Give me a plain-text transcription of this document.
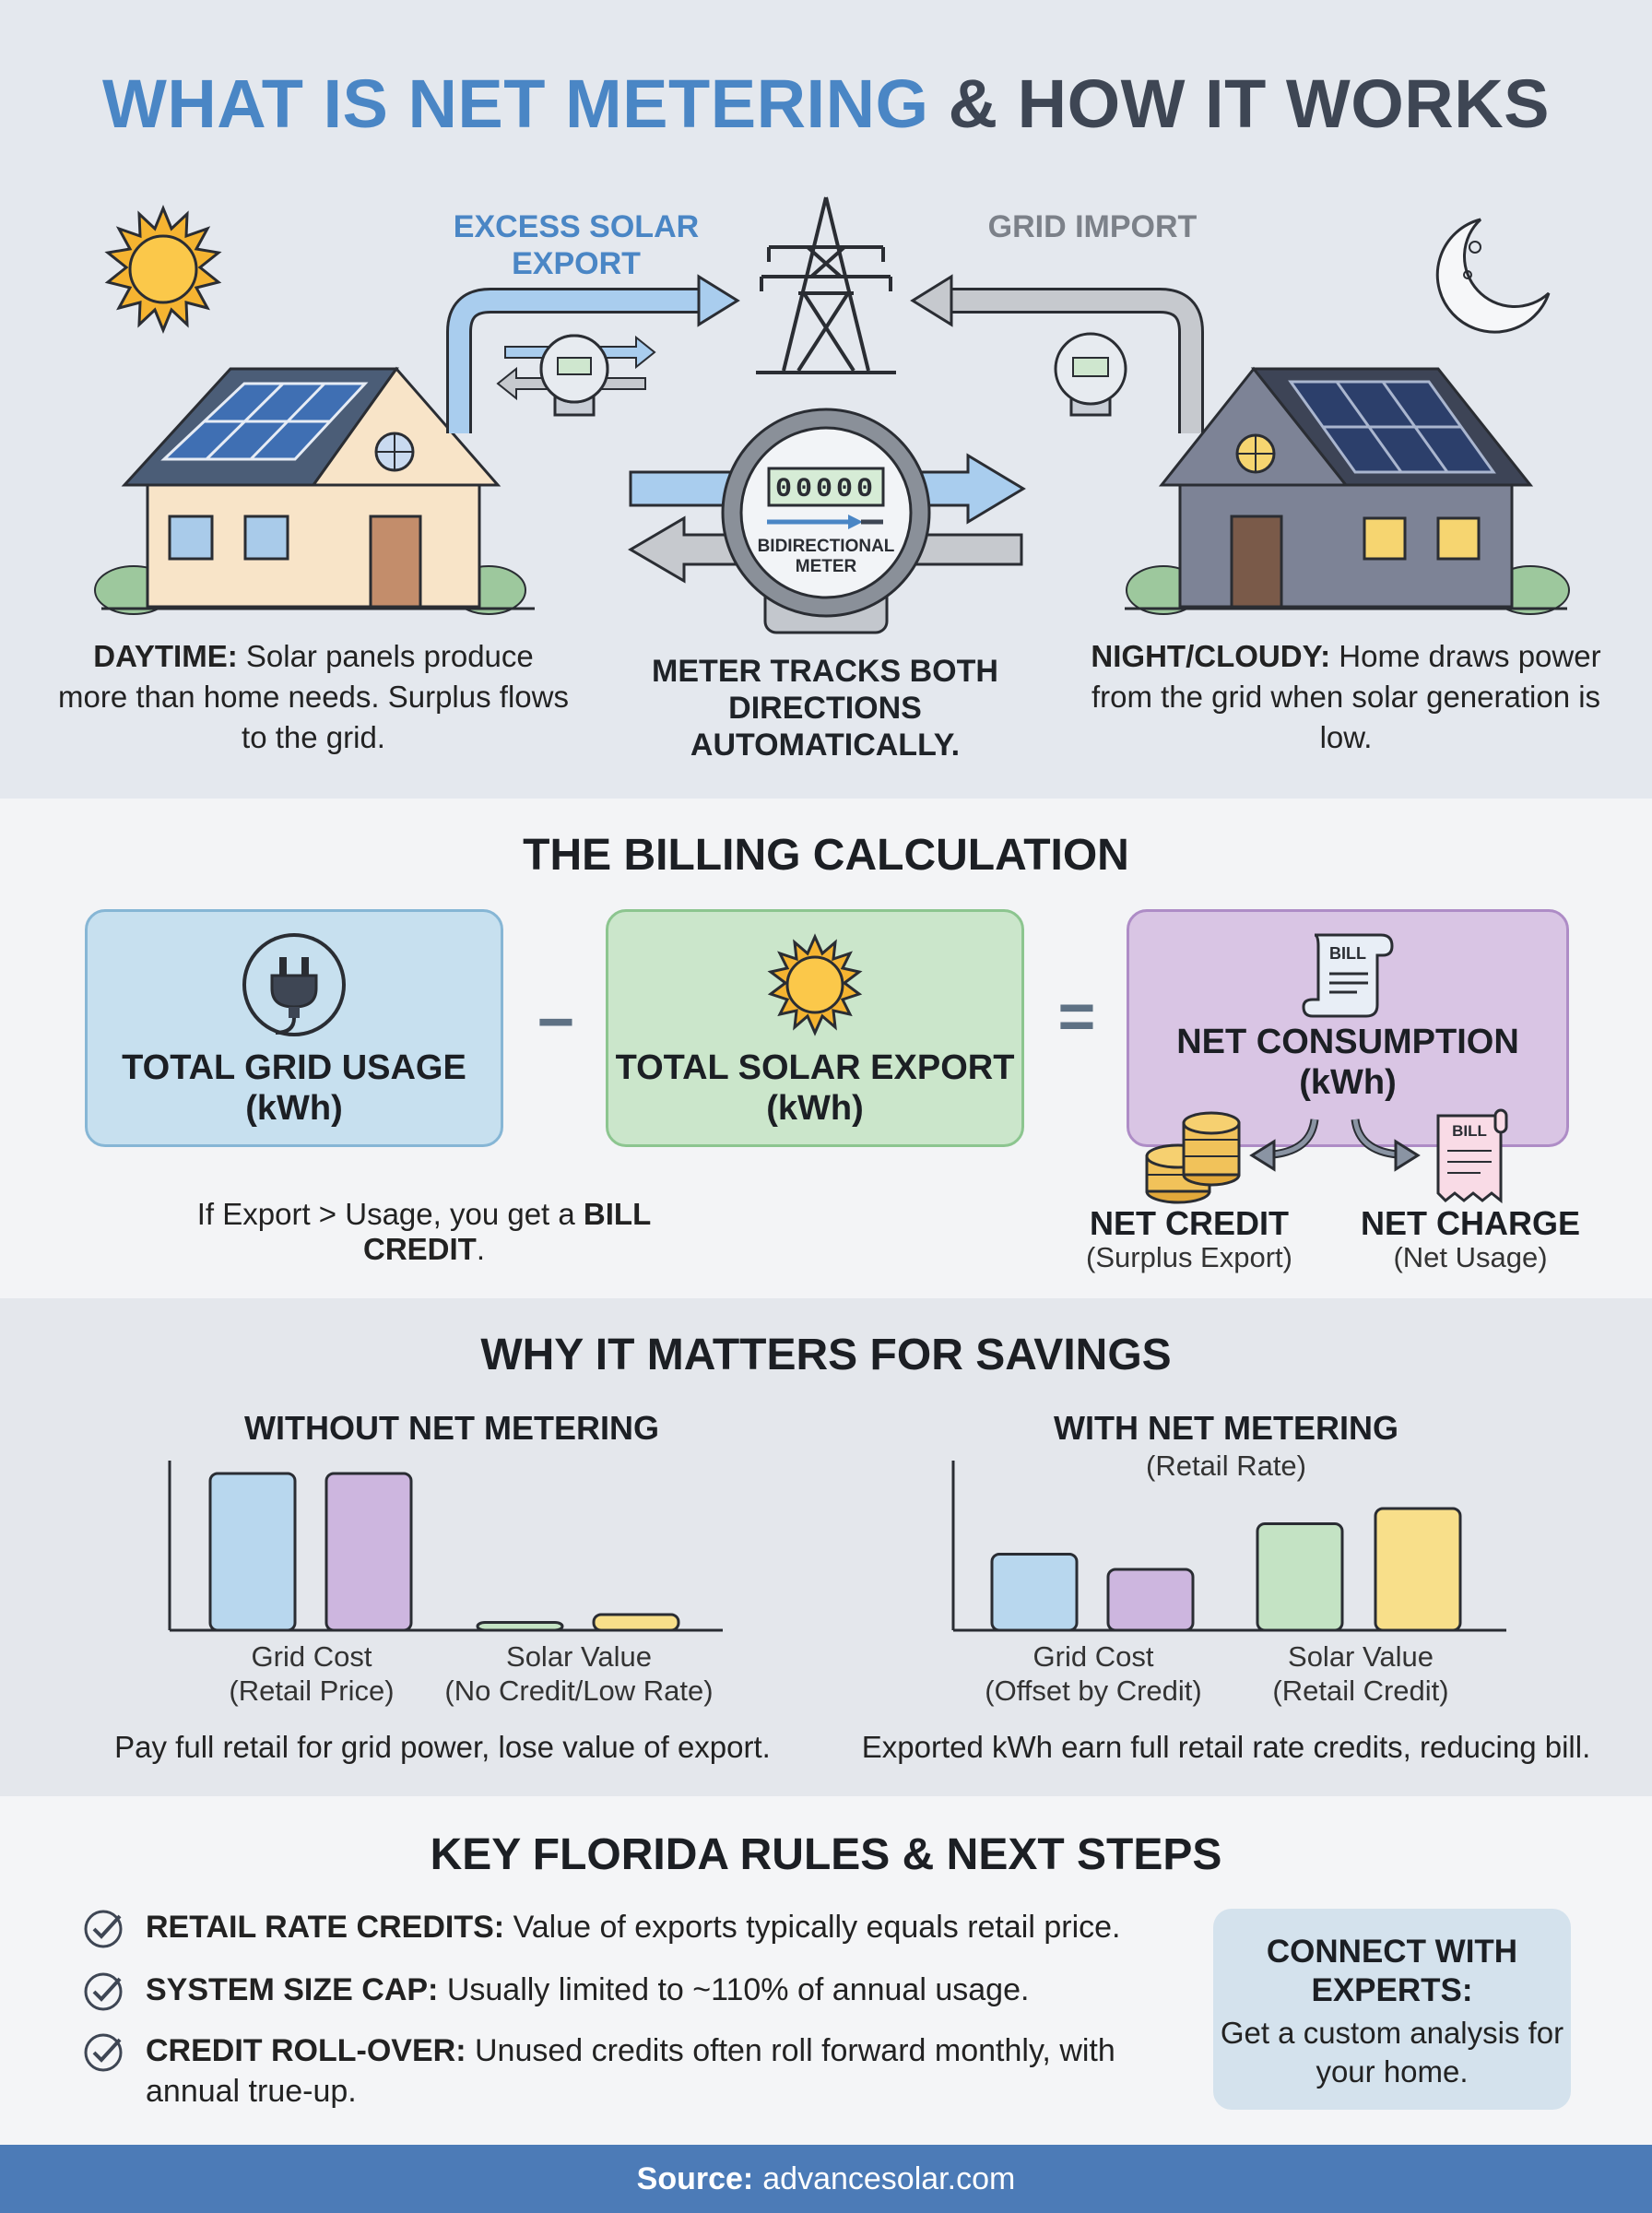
WHAT IS NET METERING & HOW IT WORKS
00000
BIDIRECTIONAL
METER
EXCESS SOLAR EXPORT
GRID IMPORT
DAYTIME: Solar panels produce more than home needs. Surplus flows to the grid.
METER TRACKS BOTH DIRECTIONS AUTOMATICALLY.
NIGHT/CLOUDY: Home draws power from the grid when solar generation is low.
THE BILLING CALCULATION
TOTAL GRID USAGE (kWh)
−
TOTAL SOLAR EXPORT (kWh)
=
BILL
NET CONSUMPTION (kWh)
BILL
If Export > Usage, you get a BILL CREDIT.
NET CREDIT
(Surplus Export)
NET CHARGE
(Net Usage)
WHY IT MATTERS FOR SAVINGS
WITHOUT NET METERING	WITH NET METERING
(Retail Rate)
Grid Cost
(Retail Price)
Solar Value
(No Credit/Low Rate)
Grid Cost
(Offset by Credit)
Solar Value
(Retail Credit)
Pay full retail for grid power, lose value of export.	Exported kWh earn full retail rate credits, reducing bill.
KEY FLORIDA RULES & NEXT STEPS
RETAIL RATE CREDITS: Value of exports typically equals retail price.
SYSTEM SIZE CAP: Usually limited to ~110% of annual usage.
CREDIT ROLL-OVER: Unused credits often roll forward monthly, with annual true-up.
CONNECT WITH EXPERTS:
Get a custom analysis for your home.
Source: advancesolar.com
